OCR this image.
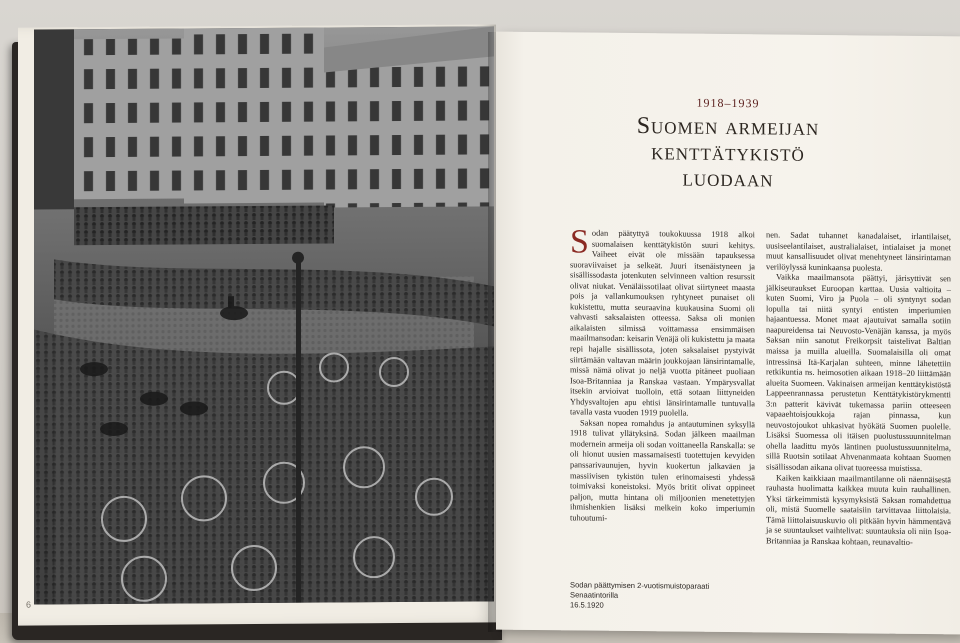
6
1918–1939
Suomen armeijan
kenttätykistö
luodaan

Sodan päätyttyä toukokuussa 1918 alkoi suomalaisen kenttätykistön suuri kehitys. Vaiheet eivät ole missään tapauksessa suoraviivaiset ja selkeät. Juuri itsenäistyneen ja sisällissodasta jotenkuten selvinneen valtion resurssit olivat niukat. Venäläissotilaat olivat siirtyneet maasta pois ja vallankumouksen ryhtyneet punaiset oli kukistettu, mutta seuraavina kuukausina Suomi oli vahvasti saksalaisten otteessa. Saksa oli monien aikalaisten silmissä voittamassa ensimmäisen maailmansodan: keisarin Venäjä oli kukistettu ja maata repi hajalle sisällissota, joten saksalaiset pystyivät siirtämään valtavan määrin joukkojaan länsirintamalle, missä nämä olivat jo neljä vuotta pitäneet puoliaan Isoa-Britanniaa ja Ranskaa vastaan. Ympärysvallat itsekin arvioivat tuolloin, että sotaan liittyneiden Yhdysvaltojen apu ehtisi länsirintamalle tuntuvalla tavalla vasta vuoden 1919 puolella.

Saksan nopea romahdus ja antautuminen syksyllä 1918 tulivat yllätyksinä. Sodan jälkeen maailman modernein armeija oli sodan voittaneella Ranskalla: se oli hionut uusien massamaisesti tuotettujen kevyiden panssarivaunujen, hyvin kuokertun jalkaväen ja massiivisen tykistön tulen erinomaisesti yhdessä toimivaksi koneistoksi. Myös britit olivat oppineet paljon, mutta hintana oli miljoonien menetettyjen ihmishenkien lisäksi melkein koko imperiumin tuhoutumi-

nen. Sadat tuhannet kanadalaiset, irlantilaiset, uusiseelantilaiset, australialaiset, intialaiset ja monet muut kansallisuudet olivat menehtyneet länsirintaman verilöylyssä kuninkaansa puolesta.

Vaikka maailmansota päättyi, järisyttivät sen jälkiseuraukset Euroopan karttaa. Uusia valtioita – kuten Suomi, Viro ja Puola – oli syntynyt sodan lopulla tai niitä syntyi entisten imperiumien hajaantuessa. Monet maat ajautuivat samalla sotiin naapureidensa tai Neuvosto-Venäjän kanssa, ja myös Saksan niin sanotut Freikorpsit taistelivat Baltian maissa ja muilla alueilla. Suomalaisilla oli omat intressinsä Itä-Karjalan suhteen, minne lähetettiin retkikuntia ns. heimosotien aikaan 1918–20 liittämään alueita Suomeen. Vakinaisen armeijan kenttätykistöstä Lappeenrannassa perustetun Kenttätykistörykmentti 3:n patterit kävivät tukemassa pariin otteeseen vapaaehtoisjoukkoja rajan pinnassa, kun neuvostojoukot uhkasivat hyökätä Suomen puolelle. Lisäksi Suomessa oli itäisen puolustussuunnitelman ohella laadittu myös läntinen puolustussuunnitelma, sillä Ruotsin sotilaat Ahvenanmaata kohtaan Suomen sisällissodan aikana olivat tuoreessa muistissa.

Kaiken kaikkiaan maailmantilanne oli näennäisestä rauhasta huolimatta kaikkea muuta kuin rauhallinen. Yksi tärkeimmistä kysymyksistä Saksan romahdettua oli, mistä Suomelle saataisiin tarvittavaa liittolaisia. Tämä liittolaisuuskuvio oli pitkään hyvin hämmentävä ja se suuntaukset vaihtelivat: suuntauksia oli niin Isoa-Britanniaa ja Ranskaa kohtaan, reunavaltio-

Sodan päättymisen 2-vuotismuistoparaati Senaatintorilla
16.5.1920
